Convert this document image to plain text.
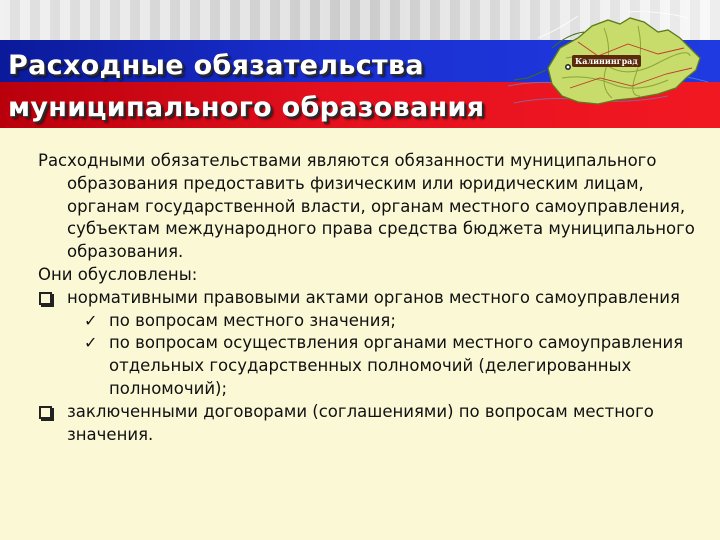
Расходные обязательства
муниципального образования
Калининград

Расходными обязательствами являются обязанности муниципального образования предоставить физическим или юридическим лицам, органам государственной власти, органам местного самоуправления, субъектам международного права средства бюджета муниципального образования.

Они обусловлены:

нормативными правовыми актами органов местного самоуправления
✓ по вопросам местного значения;
✓ по вопросам осуществления органами местного самоуправления отдельных государственных полномочий (делегированных полномочий);
заключенными договорами (соглашениями) по вопросам местного значения.
